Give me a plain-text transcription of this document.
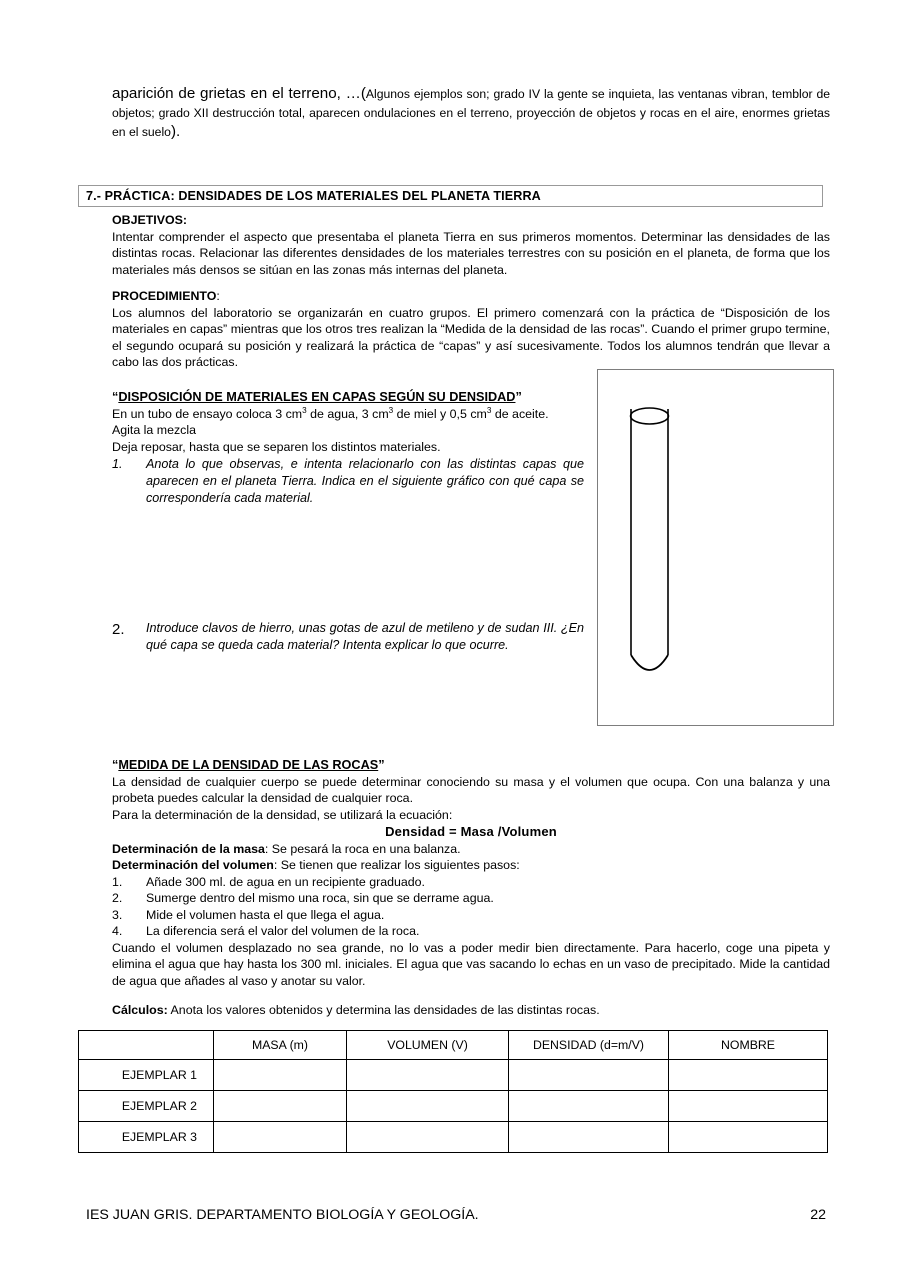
aparición de grietas en el terreno, …(Algunos ejemplos son; grado IV la gente se inquieta, las ventanas vibran, temblor de objetos; grado XII destrucción total, aparecen ondulaciones en el terreno, proyección de objetos y rocas en el aire, enormes grietas en el suelo).
7.- PRÁCTICA: DENSIDADES DE LOS MATERIALES DEL PLANETA TIERRA
OBJETIVOS:
Intentar comprender el aspecto que presentaba el planeta Tierra en sus primeros momentos. Determinar las densidades de las distintas rocas. Relacionar las diferentes densidades de los materiales terrestres con su posición en el planeta, de forma que los materiales más densos se sitúan en las zonas más internas del planeta.
PROCEDIMIENTO:
Los alumnos del laboratorio se organizarán en cuatro grupos. El primero comenzará con la práctica de “Disposición de los materiales en capas” mientras que los otros tres realizan la “Medida de la densidad de las rocas”. Cuando el primer grupo termine, el segundo ocupará su posición y realizará la práctica de “capas” y así sucesivamente. Todos los alumnos tendrán que llevar a cabo las dos prácticas.
“DISPOSICIÓN DE MATERIALES EN CAPAS SEGÚN SU DENSIDAD”
En un tubo de ensayo coloca 3 $cm^3$ de agua, 3 $cm^3$ de miel y 0,5 $cm^3$ de aceite.
Agita la mezcla
Deja reposar, hasta que se separen los distintos materiales.
1. Anota lo que observas, e intenta relacionarlo con las distintas capas que aparecen en el planeta Tierra. Indica en el siguiente gráfico con qué capa se correspondería cada material.
2. Introduce clavos de hierro, unas gotas de azul de metileno y de sudan III. ¿En qué capa se queda cada material? Intenta explicar lo que ocurre.
“MEDIDA DE LA DENSIDAD DE LAS ROCAS”
La densidad de cualquier cuerpo se puede determinar conociendo su masa y el volumen que ocupa. Con una balanza y una probeta puedes calcular la densidad de cualquier roca.
Para la determinación de la densidad, se utilizará la ecuación:
Densidad = Masa /Volumen
Determinación de la masa: Se pesará la roca en una balanza.
Determinación del volumen: Se tienen que realizar los siguientes pasos:
1. Añade 300 ml. de agua en un recipiente graduado.
2. Sumerge dentro del mismo una roca, sin que se derrame agua.
3. Mide el volumen hasta el que llega el agua.
4. La diferencia será el valor del volumen de la roca.
Cuando el volumen desplazado no sea grande, no lo vas a poder medir bien directamente. Para hacerlo, coge una pipeta y elimina el agua que hay hasta los 300 ml. iniciales. El agua que vas sacando lo echas en un vaso de precipitado. Mide la cantidad de agua que añades al vaso y anotar su valor.
Cálculos: Anota los valores obtenidos y determina las densidades de las distintas rocas.
	MASA (m)	VOLUMEN (V)	DENSIDAD (d=m/V)	NOMBRE
EJEMPLAR 1				
EJEMPLAR 2				
EJEMPLAR 3				
IES JUAN GRIS. DEPARTAMENTO BIOLOGÍA Y GEOLOGÍA.	22
